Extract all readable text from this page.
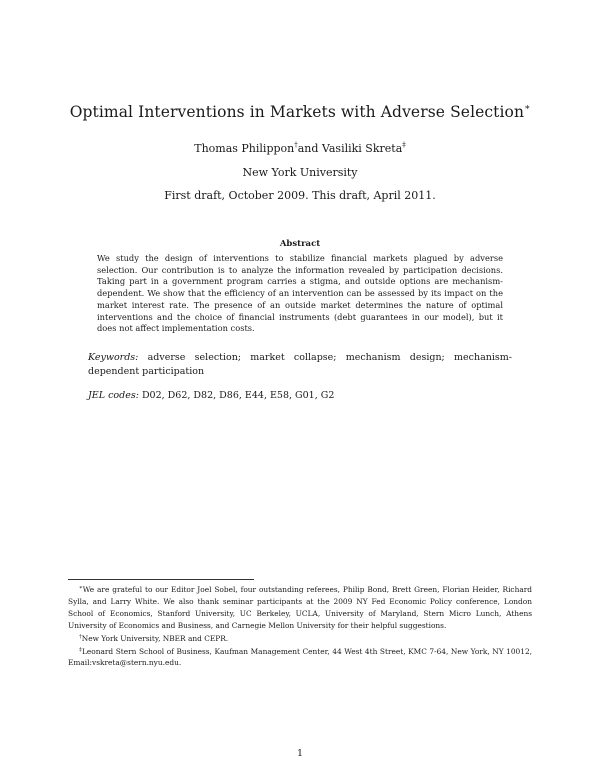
Optimal Interventions in Markets with Adverse Selection∗
Thomas Philippon†and Vasiliki Skreta‡
New York University
First draft, October 2009. This draft, April 2011.
Abstract
We study the design of interventions to stabilize financial markets plagued by adverse selection. Our contribution is to analyze the information revealed by participation decisions. Taking part in a government program carries a stigma, and outside options are mechanism-dependent. We show that the efficiency of an intervention can be assessed by its impact on the market interest rate. The presence of an outside market determines the nature of optimal interventions and the choice of financial instruments (debt guarantees in our model), but it does not affect implementation costs.
Keywords: adverse selection; market collapse; mechanism design; mechanism-dependent participation
JEL codes: D02, D62, D82, D86, E44, E58, G01, G2

∗We are grateful to our Editor Joel Sobel, four outstanding referees, Philip Bond, Brett Green, Florian Heider, Richard Sylla, and Larry White. We also thank seminar participants at the 2009 NY Fed Economic Policy conference, London School of Economics, Stanford University, UC Berkeley, UCLA, University of Maryland, Stern Micro Lunch, Athens University of Economics and Business, and Carnegie Mellon University for their helpful suggestions.

†New York University, NBER and CEPR.

‡Leonard Stern School of Business, Kaufman Management Center, 44 West 4th Street, KMC 7-64, New York, NY 10012, Email:vskreta@stern.nyu.edu.

1
